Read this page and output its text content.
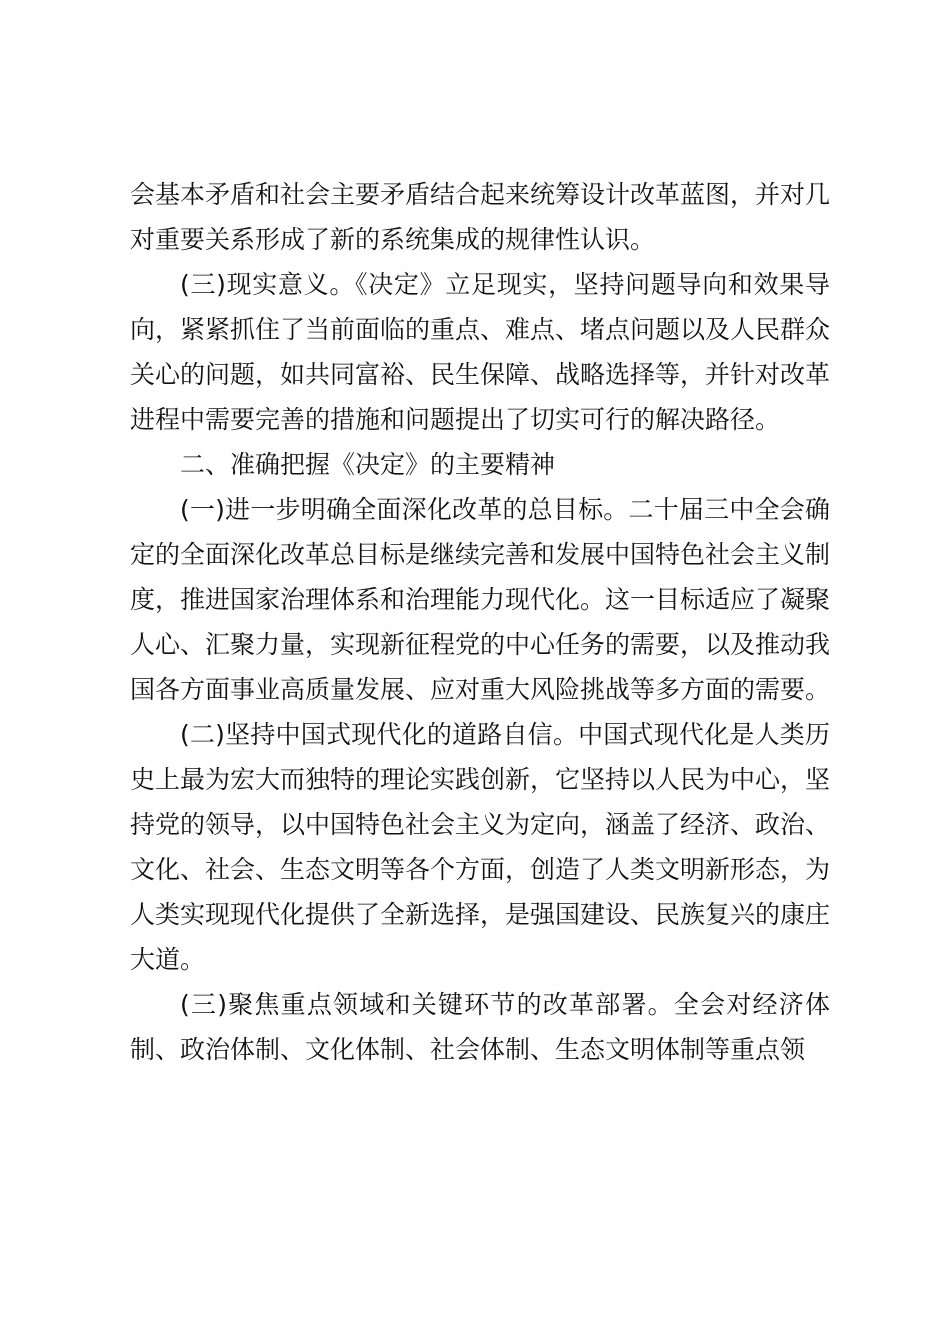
会基本矛盾和社会主要矛盾结合起来统筹设计改革蓝图，并对几对重要关系形成了新的系统集成的规律性认识。

(三)现实意义。《决定》立足现实，坚持问题导向和效果导向，紧紧抓住了当前面临的重点、难点、堵点问题以及人民群众关心的问题，如共同富裕、民生保障、战略选择等，并针对改革进程中需要完善的措施和问题提出了切实可行的解决路径。

二、准确把握《决定》的主要精神

(一)进一步明确全面深化改革的总目标。二十届三中全会确定的全面深化改革总目标是继续完善和发展中国特色社会主义制度，推进国家治理体系和治理能力现代化。这一目标适应了凝聚人心、汇聚力量，实现新征程党的中心任务的需要，以及推动我国各方面事业高质量发展、应对重大风险挑战等多方面的需要。

(二)坚持中国式现代化的道路自信。中国式现代化是人类历史上最为宏大而独特的理论实践创新，它坚持以人民为中心，坚持党的领导，以中国特色社会主义为定向，涵盖了经济、政治、文化、社会、生态文明等各个方面，创造了人类文明新形态，为人类实现现代化提供了全新选择，是强国建设、民族复兴的康庄大道。

(三)聚焦重点领域和关键环节的改革部署。全会对经济体制、政治体制、文化体制、社会体制、生态文明体制等重点领
